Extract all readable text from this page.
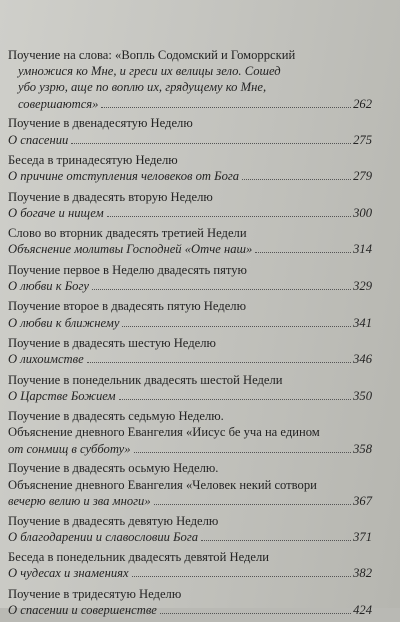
Поучение на слова: «Вопль Содомский и Гоморрский
умножися ко Мне, и греси их велицы зело. Сошед
убо узрю, аще по воплю их, грядущему ко Мне,
совершаются»	262
Поучение в двенадесятую Неделю
О спасении	275
Беседа в тринадесятую Неделю
О причине отступления человеков от Бога	279
Поучение в двадесять вторую Неделю
О богаче и нищем	300
Слово во вторник двадесять третией Недели
Объяснение молитвы Господней «Отче наш»	314
Поучение первое в Неделю двадесять пятую
О любви к Богу	329
Поучение второе в двадесять пятую Неделю
О любви к ближнему	341
Поучение в двадесять шестую Неделю
О лихоимстве	346
Поучение в понедельник двадесять шестой Недели
О Царстве Божием	350
Поучение в двадесять седьмую Неделю.
Объяснение дневного Евангелия «Иисус бе уча на едином
от сонмищ в субботу»	358
Поучение в двадесять осьмую Неделю.
Объяснение дневного Евангелия «Человек некий сотвори
вечерю велию и зва многи»	367
Поучение в двадесять девятую Неделю
О благодарении и славословии Бога	371
Беседа в понедельник двадесять девятой Недели
О чудесах и знамениях	382
Поучение в тридесятую Неделю
О спасении и совершенстве	424
